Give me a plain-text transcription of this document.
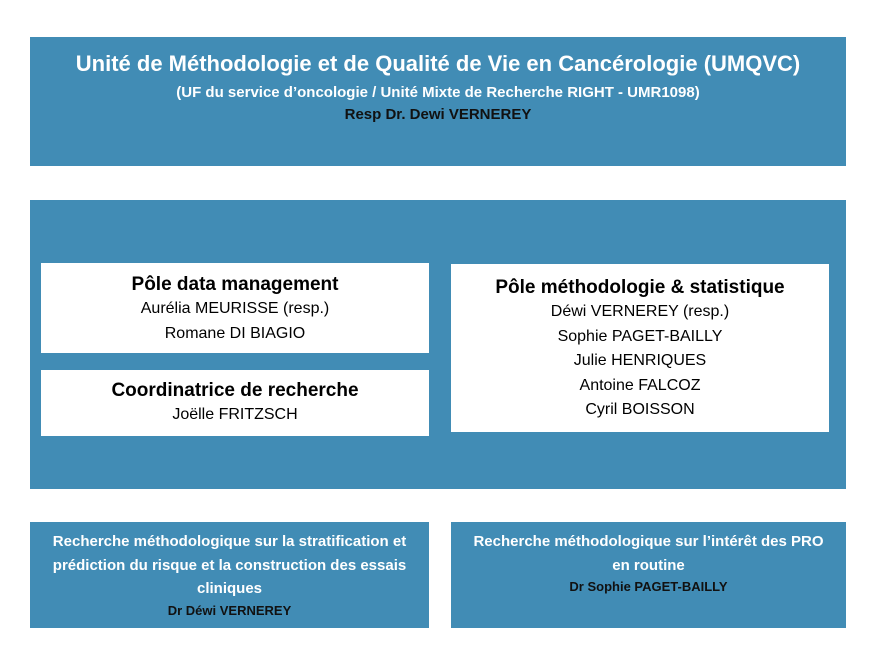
Unité de Méthodologie et de Qualité de Vie en Cancérologie (UMQVC)
(UF du service d’oncologie / Unité Mixte de Recherche RIGHT - UMR1098)
Resp Dr. Dewi VERNEREY
Pôle data management
Aurélia MEURISSE (resp.)
Romane DI BIAGIO
Coordinatrice de recherche
Joëlle FRITZSCH
Pôle méthodologie & statistique
Déwi VERNEREY (resp.)
Sophie PAGET-BAILLY
Julie HENRIQUES
Antoine FALCOZ
Cyril BOISSON
Recherche méthodologique sur la stratification et prédiction du risque et la construction des essais cliniques
Dr Déwi VERNEREY
Recherche méthodologique sur l’intérêt des PRO en routine
Dr Sophie PAGET-BAILLY
